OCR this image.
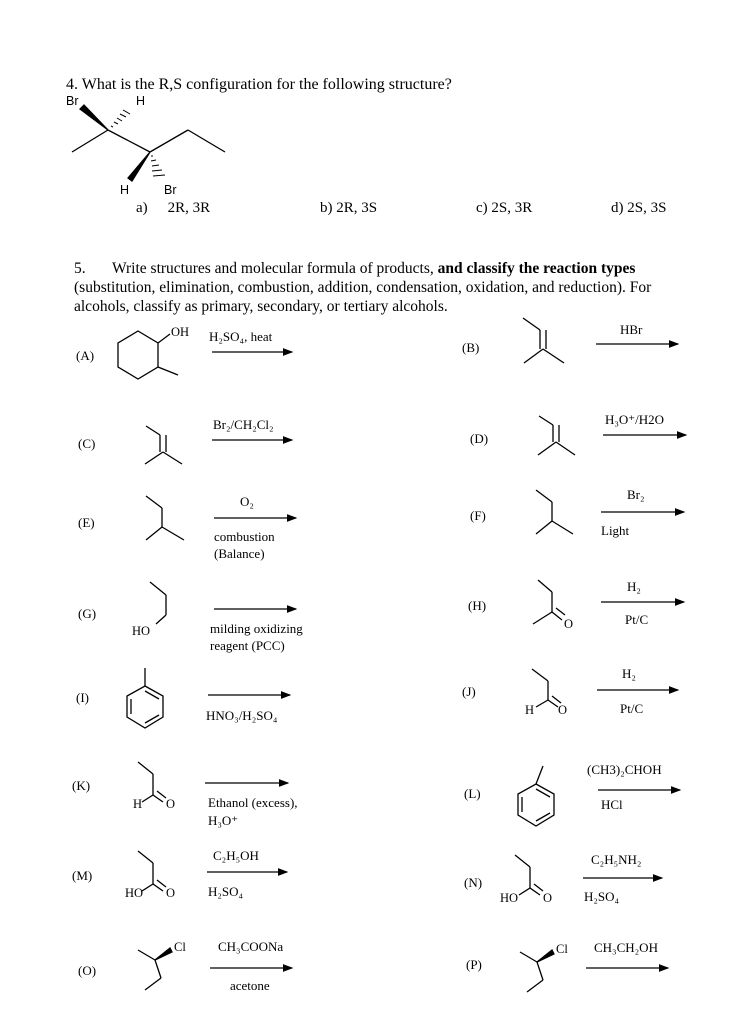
4. What is the R,S configuration for the following structure?
Br	H
H	Br
a) 2R, 3R	b) 2R, 3S	c) 2S, 3R	d) 2S, 3S
5. Write structures and molecular formula of products, and classify the reaction types (substitution, elimination, combustion, addition, condensation, oxidation, and reduction). For alcohols, classify as primary, secondary, or tertiary alcohols.
(A)
(B)
(C)	(D)
(E)	(F)
(G)
(H)
(I)	(J)
(K)
(L)
(M)	(N)
(O)	(P)
OH
HO	O
H O
H O
HO O	HO O
Cl	Cl
H₂SO₄, heat	HBr
Br₂/CH₂Cl₂	H₃O⁺/H2O
O₂
combustion
(Balance)
Br₂
Light
milding oxidizing
reagent (PCC)
H₂
Pt/C
HNO₃/H₂SO₄
H₂
Pt/C
Ethanol (excess),
H₃O⁺
(CH3)₂CHOH
HCl
C₂H₅OH
H₂SO₄
C₂H₅NH₂
H₂SO₄
CH₃COONa
acetone
CH₃CH₂OH
